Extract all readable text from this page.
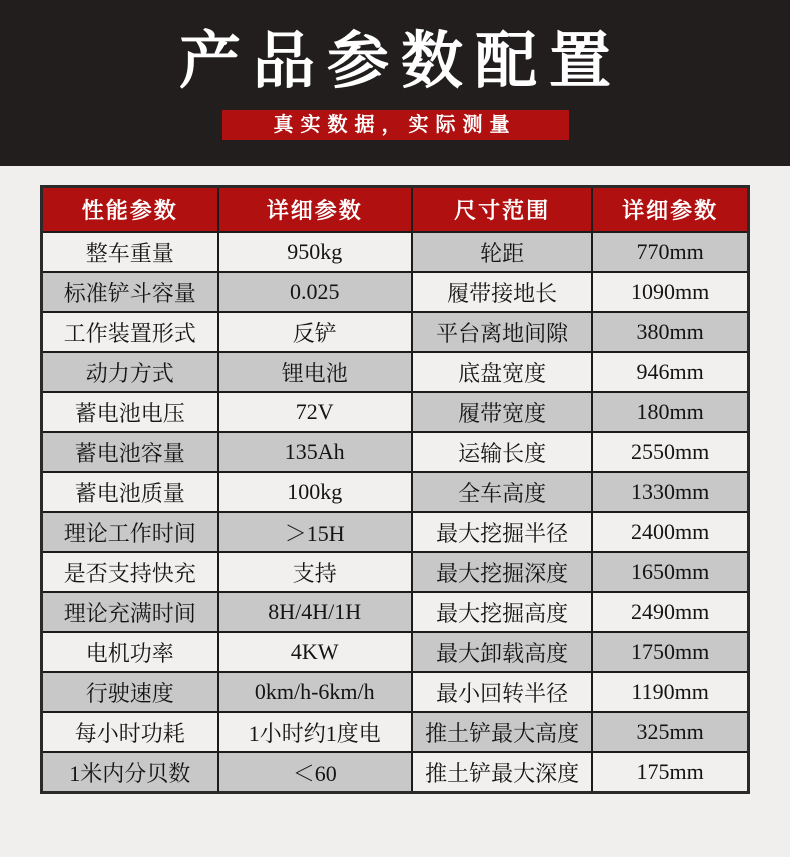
产品参数配置
真实数据，实际测量
性能参数	详细参数	尺寸范围	详细参数
整车重量	950kg	轮距	770mm
标准铲斗容量	0.025	履带接地长	1090mm
工作装置形式	反铲	平台离地间隙	380mm
动力方式	锂电池	底盘宽度	946mm
蓄电池电压	72V	履带宽度	180mm
蓄电池容量	135Ah	运输长度	2550mm
蓄电池质量	100kg	全车高度	1330mm
理论工作时间	＞15H	最大挖掘半径	2400mm
是否支持快充	支持	最大挖掘深度	1650mm
理论充满时间	8H/4H/1H	最大挖掘高度	2490mm
电机功率	4KW	最大卸载高度	1750mm
行驶速度	0km/h-6km/h	最小回转半径	1190mm
每小时功耗	1小时约1度电	推土铲最大高度	325mm
1米内分贝数	＜60	推土铲最大深度	175mm
